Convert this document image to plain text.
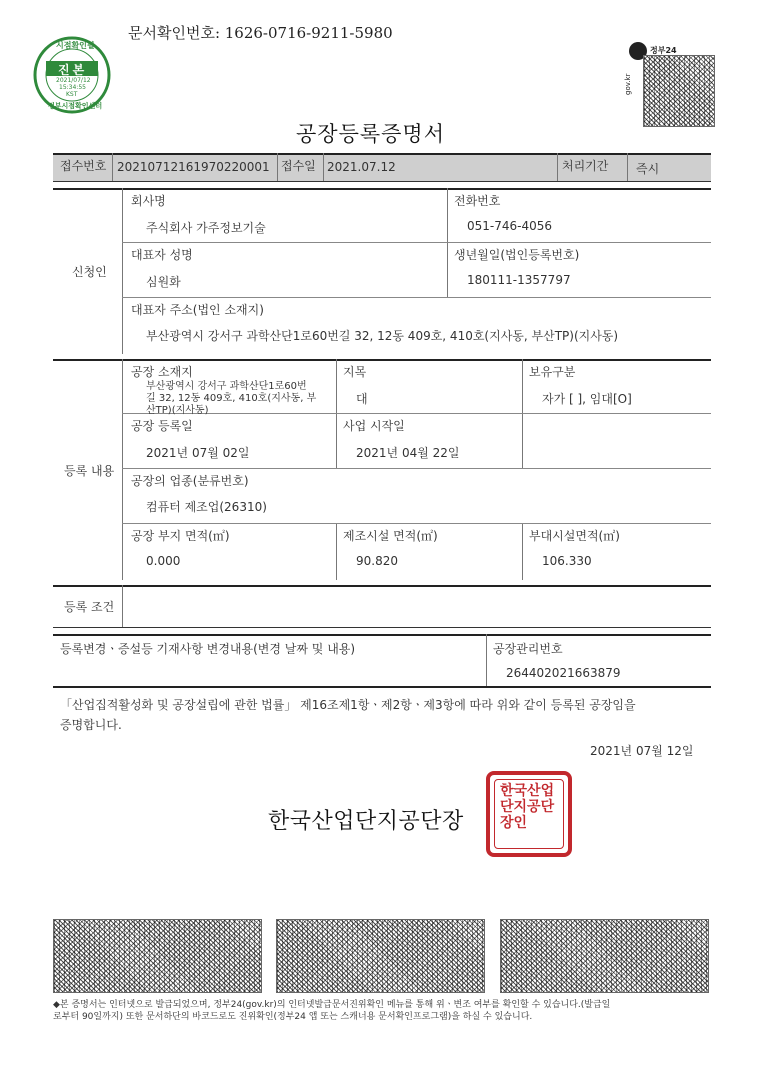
문서확인번호: 1626-0716-9211-5980
시점확인필
진본
2021/07/12
15:34:55
KST
정부시점확인센터
정부24
gov.kr
공장등록증명서
접수번호 20210712161970220001 접수일 2021.07.12	처리기간 즉시
신청인
회사명
주식회사 가주정보기술
전화번호
051-746-4056
대표자 성명
심원화
생년월일(법인등록번호)
180111-1357797
대표자 주소(법인 소재지)
부산광역시 강서구 과학산단1로60번길 32, 12동 409호, 410호(지사동, 부산TP)(지사동)
등록 내용
공장 소재지
부산광역시 강서구 과학산단1로60번
길 32, 12동 409호, 410호(지사동, 부
산TP)(지사동)
지목
대
보유구분
자가 [ ], 임대[O]
공장 등록일
2021년 07월 02일
사업 시작일
2021년 04월 22일
공장의 업종(분류번호)
컴퓨터 제조업(26310)
공장 부지 면적(㎡)
0.000
제조시설 면적(㎡)
90.820
부대시설면적(㎡)
106.330
등록 조건
등록변경ㆍ증설등 기재사항 변경내용(변경 날짜 및 내용)	공장관리번호
264402021663879
「산업집적활성화 및 공장설립에 관한 법률」 제16조제1항ㆍ제2항ㆍ제3항에 따라 위와 같이 등록된 공장임을
증명합니다.
2021년 07월 12일
한국산업단지공단장인
한국산업단지공단장
◆본 증명서는 인터넷으로 발급되었으며, 정부24(gov.kr)의 인터넷발급문서진위확인 메뉴를 통해 위ㆍ변조 여부를 확인할 수 있습니다.(발급일
로부터 90일까지) 또한 문서하단의 바코드로도 진위확인(정부24 앱 또는 스캐너용 문서확인프로그램)을 하실 수 있습니다.
